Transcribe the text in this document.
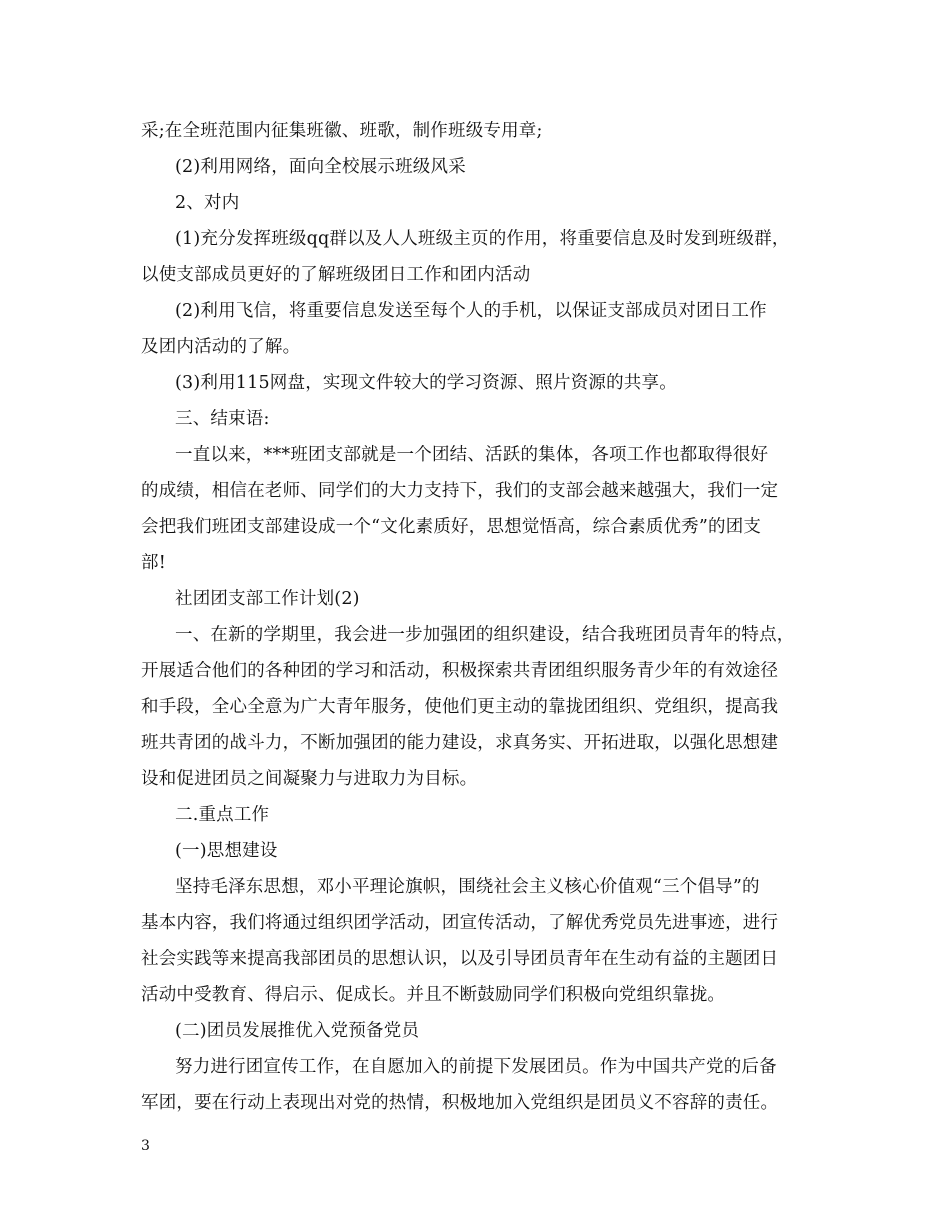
采;在全班范围内征集班徽、班歌，制作班级专用章;
(2)利用网络，面向全校展示班级风采
2、对内
(1)充分发挥班级qq群以及人人班级主页的作用，将重要信息及时发到班级群，
以使支部成员更好的了解班级团日工作和团内活动
(2)利用飞信，将重要信息发送至每个人的手机，以保证支部成员对团日工作
及团内活动的了解。
(3)利用115网盘，实现文件较大的学习资源、照片资源的共享。
三、结束语:
一直以来，***班团支部就是一个团结、活跃的集体，各项工作也都取得很好
的成绩，相信在老师、同学们的大力支持下，我们的支部会越来越强大，我们一定
会把我们班团支部建设成一个“文化素质好，思想觉悟高，综合素质优秀”的团支
部!
社团团支部工作计划(2)
一、在新的学期里，我会进一步加强团的组织建设，结合我班团员青年的特点，
开展适合他们的各种团的学习和活动，积极探索共青团组织服务青少年的有效途径
和手段，全心全意为广大青年服务，使他们更主动的靠拢团组织、党组织，提高我
班共青团的战斗力，不断加强团的能力建设，求真务实、开拓进取，以强化思想建
设和促进团员之间凝聚力与进取力为目标。
二.重点工作
(一)思想建设
坚持毛泽东思想，邓小平理论旗帜，围绕社会主义核心价值观“三个倡导”的
基本内容，我们将通过组织团学活动，团宣传活动，了解优秀党员先进事迹，进行
社会实践等来提高我部团员的思想认识，以及引导团员青年在生动有益的主题团日
活动中受教育、得启示、促成长。并且不断鼓励同学们积极向党组织靠拢。
(二)团员发展推优入党预备党员
努力进行团宣传工作，在自愿加入的前提下发展团员。作为中国共产党的后备
军团，要在行动上表现出对党的热情，积极地加入党组织是团员义不容辞的责任。
3
